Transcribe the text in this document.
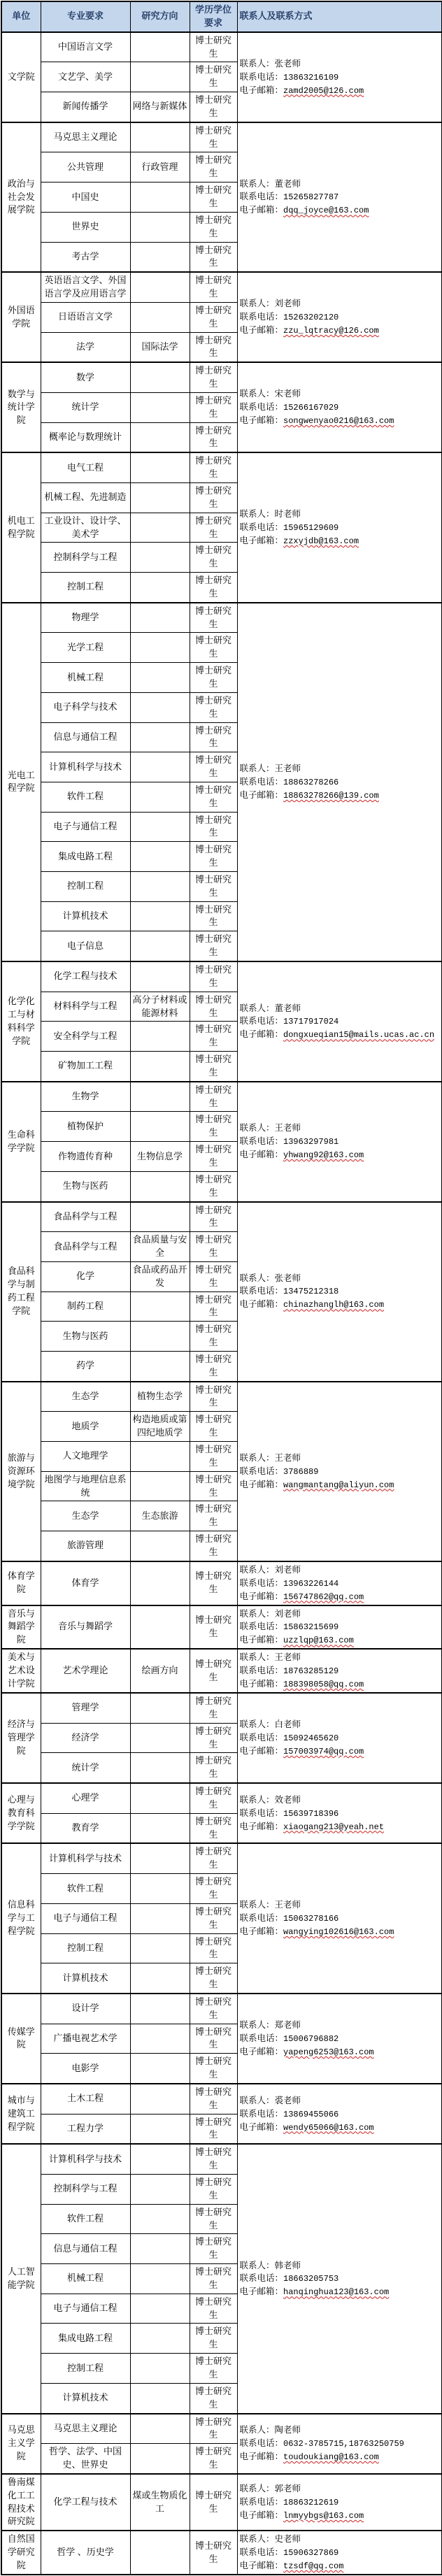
单位	专业要求	研究方向	学历学位要求	联系人及联系方式
文学院	中国语言文学		博士研究生	联系人：张老师
联系电话：13863216109
电子邮箱：zamd2005@126.com

	文艺学、美学		博士研究生	
	新闻传播学	网络与新媒体	博士研究生	
政治与社会发展学院	马克思主义理论		博士研究生	联系人：董老师
联系电话：15265827787
电子邮箱：dqq_joyce@163.com

	公共管理	行政管理	博士研究生	
	中国史		博士研究生	
	世界史		博士研究生	
	考古学		博士研究生	
外国语学院	英语语言文学、外国语言学及应用语言学		博士研究生	联系人：刘老师
联系电话：15263202120
电子邮箱：zzu_lqtracy@126.com

	日语语言文学		博士研究生	
	法学	国际法学	博士研究生	
数学与统计学院	数学		博士研究生	联系人：宋老师
联系电话：15266167029
电子邮箱：songwenyao0216@163.com

	统计学		博士研究生	
	概率论与数理统计		博士研究生	
机电工程学院	电气工程		博士研究生	联系人：时老师
联系电话：15965129609
电子邮箱：zzxyjdb@163.com

	机械工程、先进制造		博士研究生	
	工业设计、设计学、美术学		博士研究生	
	控制科学与工程		博士研究生	
	控制工程		博士研究生	
光电工程学院	物理学		博士研究生	联系人：王老师
联系电话：18863278266
电子邮箱：18863278266@139.com

	光学工程		博士研究生	
	机械工程		博士研究生	
	电子科学与技术		博士研究生	
	信息与通信工程		博士研究生	
	计算机科学与技术		博士研究生	
	软件工程		博士研究生	
	电子与通信工程		博士研究生	
	集成电路工程		博士研究生	
	控制工程		博士研究生	
	计算机技术		博士研究生	
	电子信息		博士研究生	
化学化工与材料科学学院	化学工程与技术		博士研究生	联系人：董老师
联系电话：13717917024
电子邮箱：dongxueqian15@mails.ucas.ac.cn

	材料科学与工程	高分子材料或能源材料	博士研究生	
	安全科学与工程		博士研究生	
	矿物加工工程		博士研究生	
生命科学学院	生物学		博士研究生	联系人：王老师
联系电话：13963297981
电子邮箱：yhwang92@163.com

	植物保护		博士研究生	
	作物遗传育种	生物信息学	博士研究生	
	生物与医药		博士研究生	
食品科学与制药工程学院	食品科学与工程		博士研究生	联系人：张老师
联系电话：13475212318
电子邮箱：chinazhanglh@163.com

	食品科学与工程	食品质量与安全	博士研究生	
	化学	食品或药品开发	博士研究生	
	制药工程		博士研究生	
	生物与医药		博士研究生	
	药学		博士研究生	
旅游与资源环境学院	生态学	植物生态学	博士研究生	联系人：王老师
联系电话：3786889
电子邮箱：wangmantang@aliyun.com

	地质学	构造地质或第四纪地质学	博士研究生	
	人文地理学		博士研究生	
	地图学与地理信息系统		博士研究生	
	生态学	生态旅游	博士研究生	
	旅游管理		博士研究生	
体育学院	体育学		博士研究生	联系人：刘老师
联系电话：13963226144
电子邮箱：156747862@qq.com

音乐与舞蹈学院	音乐与舞蹈学		博士研究生	联系人：刘老师
联系电话：15863215699
电子邮箱：uzzlqp@163.com

美术与艺术设计学院	艺术学理论	绘画方向	博士研究生	联系人：王老师
联系电话：18763285129
电子邮箱：188398058@qq.com

经济与管理学院	管理学		博士研究生	联系人：白老师
联系电话：15092465620
电子邮箱：157003974@qq.com

	经济学		博士研究生	
	统计学		博士研究生	
心理与教育科学学院	心理学		博士研究生	联系人：效老师
联系电话：15639718396
电子邮箱：xiaogang213@yeah.net

	教育学		博士研究生	
信息科学与工程学院	计算机科学与技术		博士研究生	联系人：王老师
联系电话：15063278166
电子邮箱：wangying102616@163.com

	软件工程		博士研究生	
	电子与通信工程		博士研究生	
	控制工程		博士研究生	
	计算机技术		博士研究生	
传媒学院	设计学		博士研究生	联系人：郑老师
联系电话：15006796882
电子邮箱：yapeng6253@163.com

	广播电视艺术学		博士研究生	
	电影学		博士研究生	
城市与建筑工程学院	土木工程		博士研究生	联系人：裘老师
联系电话：13869455066
电子邮箱：wendy65066@163.com

	工程力学		博士研究生	
人工智能学院	计算机科学与技术		博士研究生	联系人：韩老师
联系电话：18663205753
电子邮箱：hanqinghua123@163.com

	控制科学与工程		博士研究生	
	软件工程		博士研究生	
	信息与通信工程		博士研究生	
	机械工程		博士研究生	
	电子与通信工程		博士研究生	
	集成电路工程		博士研究生	
	控制工程		博士研究生	
	计算机技术		博士研究生	
马克思主义学院	马克思主义理论		博士研究生	联系人：陶老师
联系电话：0632-3785715,18763250759
电子邮箱：toudoukiang@163.com

	哲学、法学、中国史、世界史		博士研究生	
鲁南煤化工工程技术研究院	化学工程与技术	煤或生物质化工	博士研究生	联系人：郭老师
联系电话：18863212619
电子邮箱：lnmyybgs@163.com

自然国学研究院	哲学 、历史学		博士研究生	联系人：史老师
联系电话：15906327869
电子邮箱：tzsdf@qq.com
